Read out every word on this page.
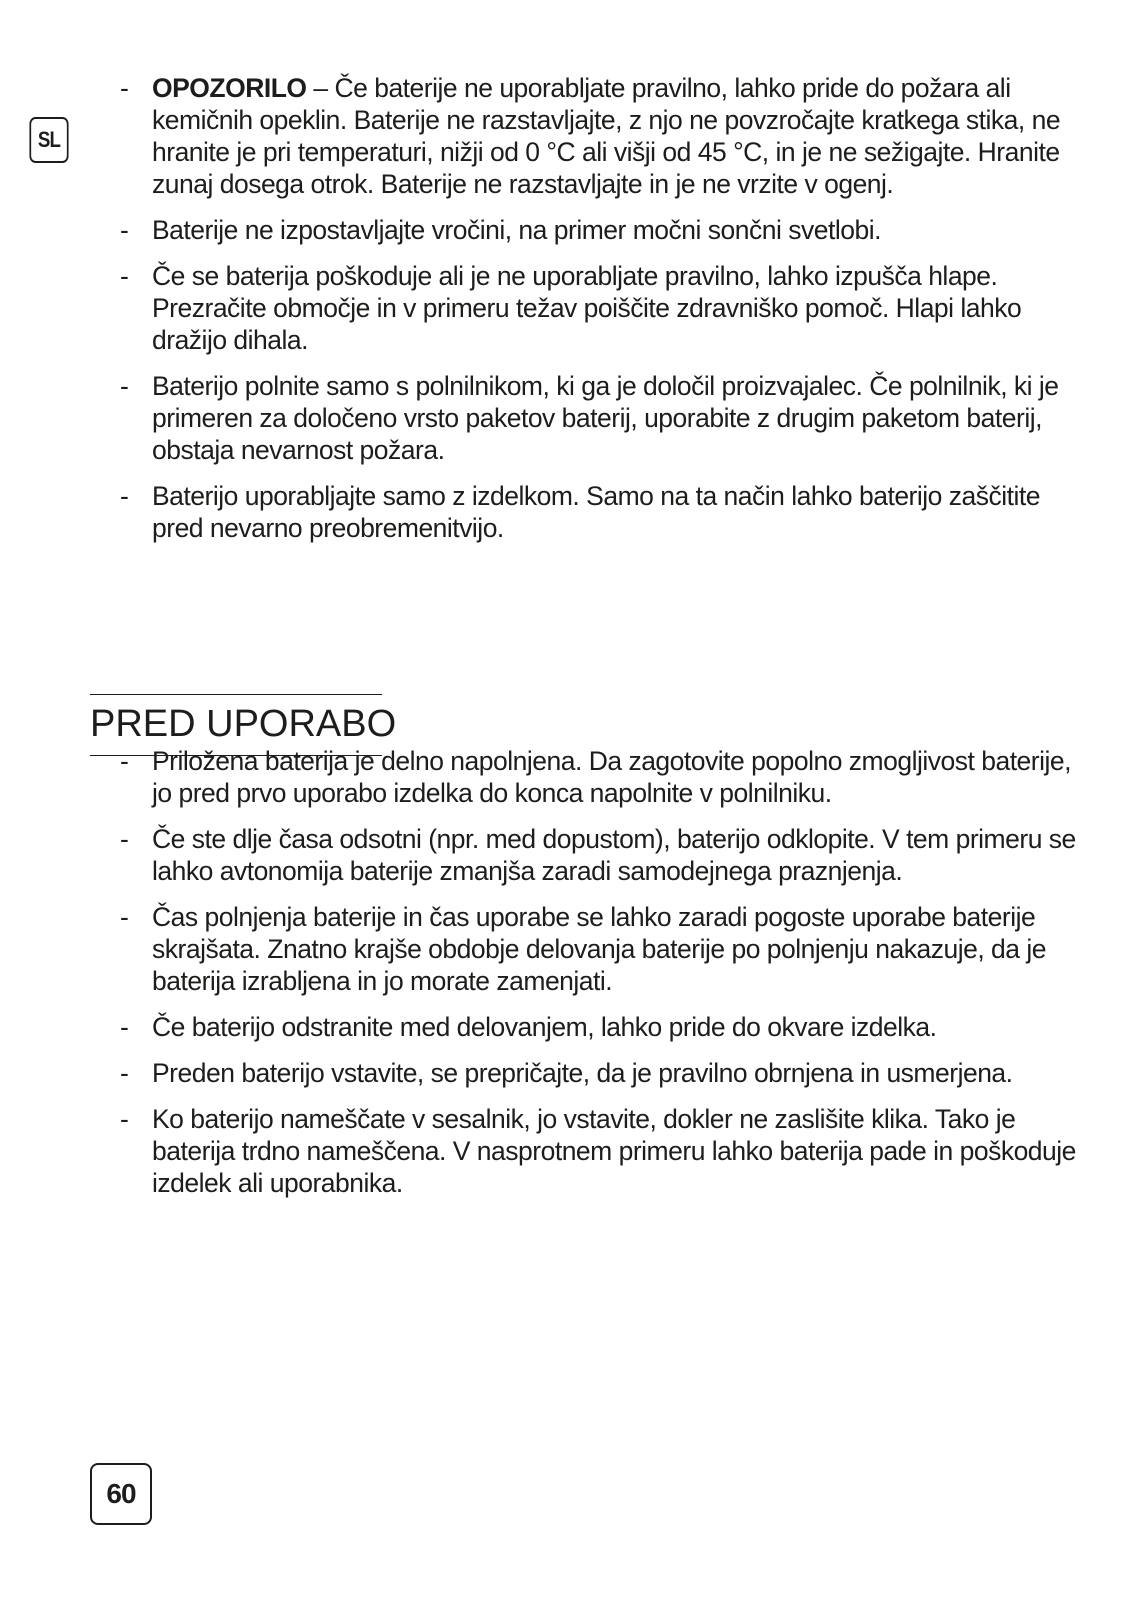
SL
- OPOZORILO – Če baterije ne uporabljate pravilno, lahko pride do požara ali kemičnih opeklin. Baterije ne razstavljajte, z njo ne povzročajte kratkega stika, ne hranite je pri temperaturi, nižji od 0 °C ali višji od 45 °C, in je ne sežigajte. Hranite zunaj dosega otrok. Baterije ne razstavljajte in je ne vrzite v ogenj.
- Baterije ne izpostavljajte vročini, na primer močni sončni svetlobi.
- Če se baterija poškoduje ali je ne uporabljate pravilno, lahko izpušča hlape. Prezračite območje in v primeru težav poiščite zdravniško pomoč. Hlapi lahko dražijo dihala.
- Baterijo polnite samo s polnilnikom, ki ga je določil proizvajalec. Če polnilnik, ki je primeren za določeno vrsto paketov baterij, uporabite z drugim paketom baterij, obstaja nevarnost požara.
- Baterijo uporabljajte samo z izdelkom. Samo na ta način lahko baterijo zaščitite pred nevarno preobremenitvijo.
PRED UPORABO
- Priložena baterija je delno napolnjena. Da zagotovite popolno zmogljivost baterije, jo pred prvo uporabo izdelka do konca napolnite v polnilniku.
- Če ste dlje časa odsotni (npr. med dopustom), baterijo odklopite. V tem primeru se lahko avtonomija baterije zmanjša zaradi samodejnega praznjenja.
- Čas polnjenja baterije in čas uporabe se lahko zaradi pogoste uporabe baterije skrajšata. Znatno krajše obdobje delovanja baterije po polnjenju nakazuje, da je baterija izrabljena in jo morate zamenjati.
- Če baterijo odstranite med delovanjem, lahko pride do okvare izdelka.
- Preden baterijo vstavite, se prepričajte, da je pravilno obrnjena in usmerjena.
- Ko baterijo nameščate v sesalnik, jo vstavite, dokler ne zaslišite klika. Tako je baterija trdno nameščena. V nasprotnem primeru lahko baterija pade in poškoduje izdelek ali uporabnika.
60
